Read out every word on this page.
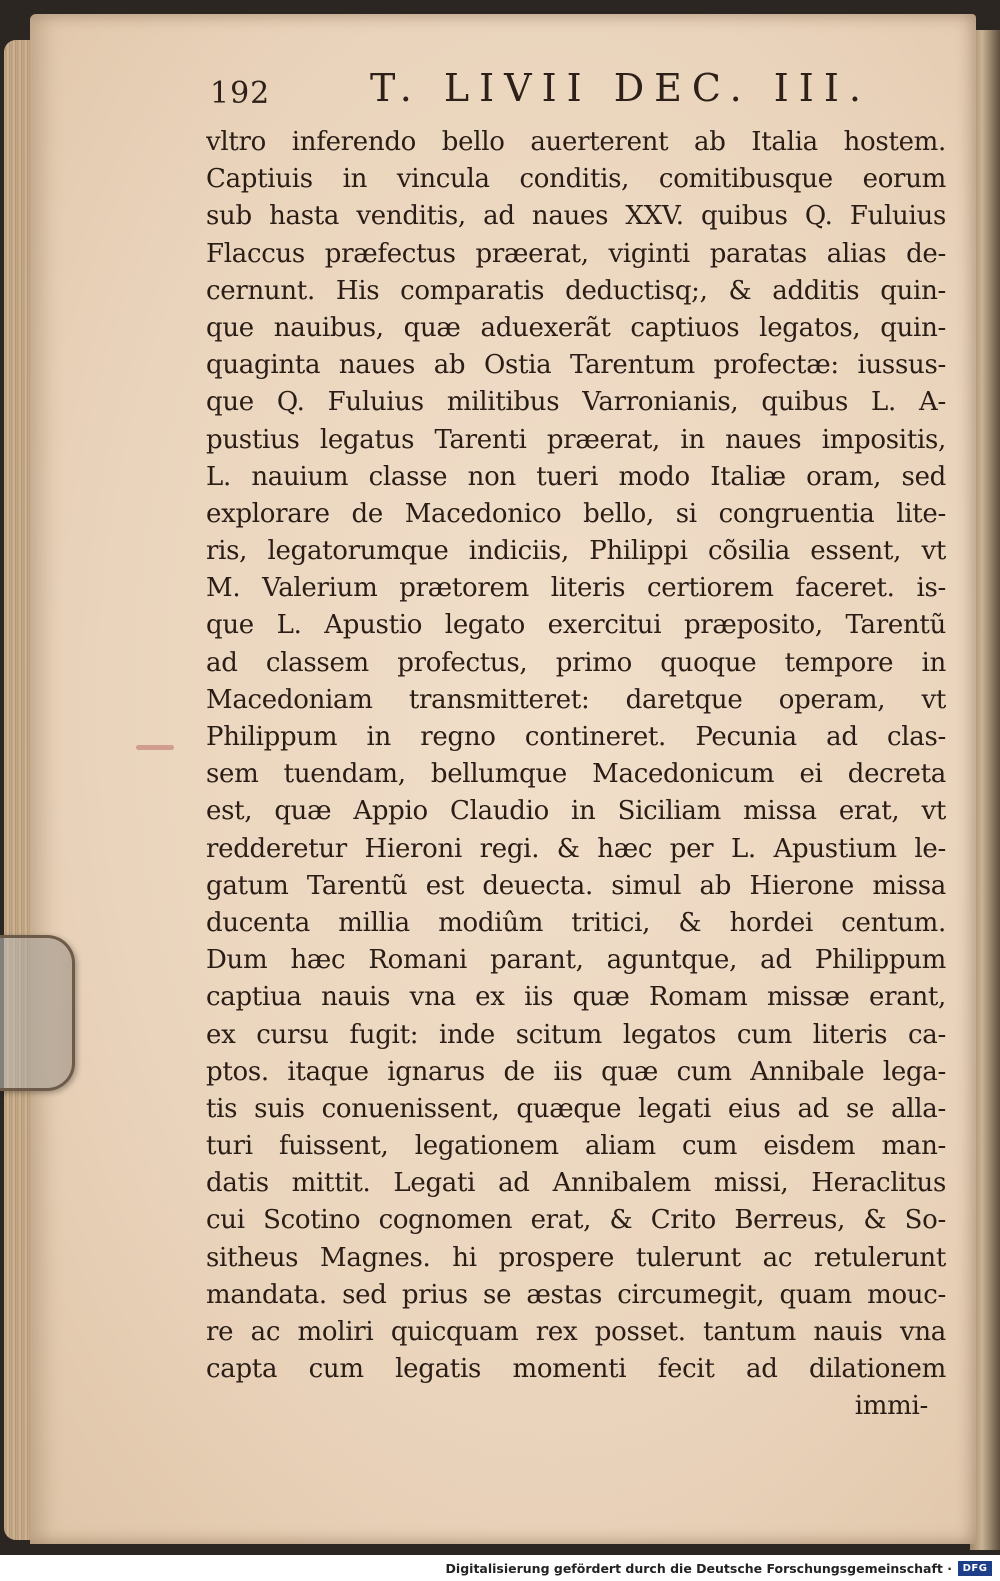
192	T. LIVII DEC. III.
vltro inferendo bello auerterent ab Italia hostem.
Captiuis in vincula conditis, comitibusque eorum
sub hasta venditis, ad naues XXV. quibus Q. Fuluius
Flaccus præfectus præerat, viginti paratas alias de-
cernunt. His comparatis deductisq;, & additis quin-
que nauibus, quæ aduexerãt captiuos legatos, quin-
quaginta naues ab Ostia Tarentum profectæ: iussus-
que Q. Fuluius militibus Varronianis, quibus L. A-
pustius legatus Tarenti præerat, in naues impositis,
L. nauium classe non tueri modo Italiæ oram, sed
explorare de Macedonico bello, si congruentia lite-
ris, legatorumque indiciis, Philippi cõsilia essent, vt
M. Valerium prætorem literis certiorem faceret. is-
que L. Apustio legato exercitui præposito, Tarentũ
ad classem profectus, primo quoque tempore in
Macedoniam transmitteret: daretque operam, vt
Philippum in regno contineret. Pecunia ad clas-
sem tuendam, bellumque Macedonicum ei decreta
est, quæ Appio Claudio in Siciliam missa erat, vt
redderetur Hieroni regi. & hæc per L. Apustium le-
gatum Tarentũ est deuecta. simul ab Hierone missa
ducenta millia modiûm tritici, & hordei centum.
Dum hæc Romani parant, aguntque, ad Philippum
captiua nauis vna ex iis quæ Romam missæ erant,
ex cursu fugit: inde scitum legatos cum literis ca-
ptos. itaque ignarus de iis quæ cum Annibale lega-
tis suis conuenissent, quæque legati eius ad se alla-
turi fuissent, legationem aliam cum eisdem man-
datis mittit. Legati ad Annibalem missi, Heraclitus
cui Scotino cognomen erat, & Crito Berreus, & So-
sitheus Magnes. hi prospere tulerunt ac retulerunt
mandata. sed prius se æstas circumegit, quam mouc-
re ac moliri quicquam rex posset. tantum nauis vna
capta cum legatis momenti fecit ad dilationem
immi-
Digitalisierung gefördert durch die Deutsche Forschungsgemeinschaft ·	DFG
